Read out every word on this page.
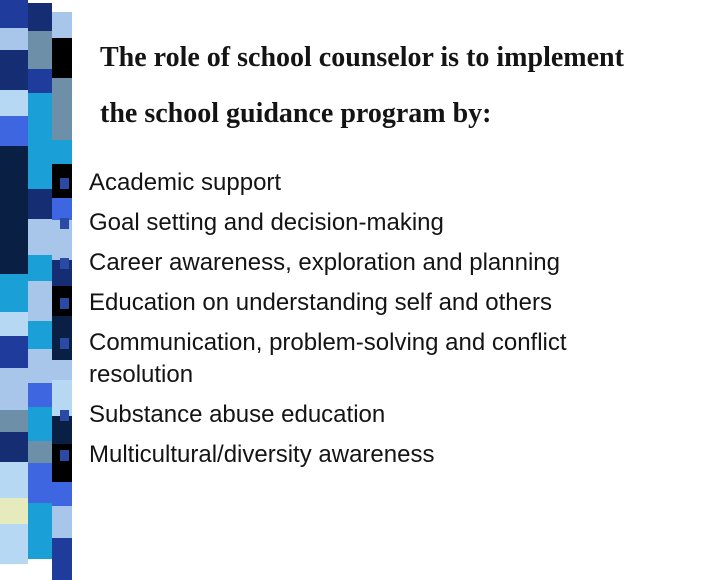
The role of school counselor is to implement
the school guidance program by:
Academic support
Goal setting and decision-making
Career awareness, exploration and planning
Education on understanding self and others
Communication, problem-solving and conflict resolution
Substance abuse education
Multicultural/diversity awareness
